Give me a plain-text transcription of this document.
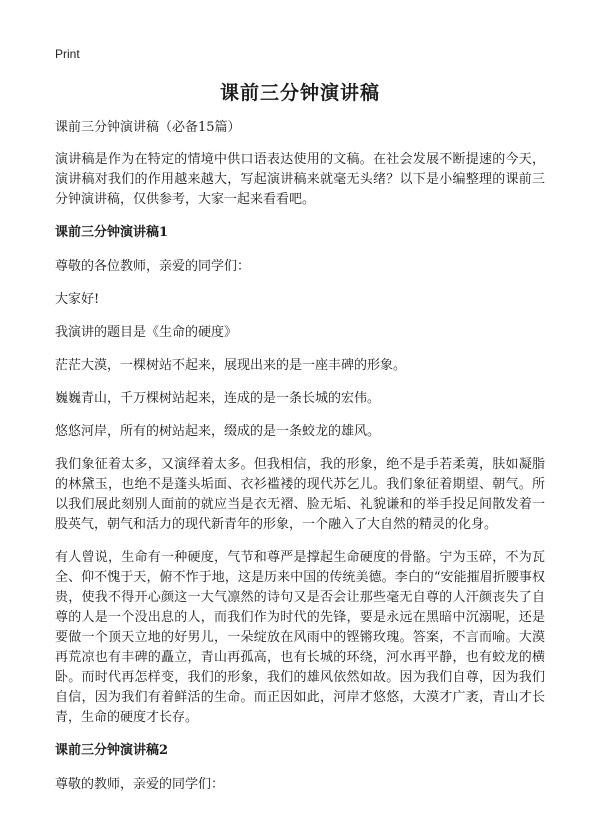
Print
课前三分钟演讲稿

课前三分钟演讲稿（必备15篇）

演讲稿是作为在特定的情境中供口语表达使用的文稿。在社会发展不断提速的今天，演讲稿对我们的作用越来越大，写起演讲稿来就毫无头绪？以下是小编整理的课前三分钟演讲稿，仅供参考，大家一起来看看吧。

课前三分钟演讲稿1

尊敬的各位教师，亲爱的同学们：

大家好!

我演讲的题目是《生命的硬度》

茫茫大漠，一棵树站不起来，展现出来的是一座丰碑的形象。

巍巍青山，千万棵树站起来，连成的是一条长城的宏伟。

悠悠河岸，所有的树站起来，缀成的是一条蛟龙的雄风。

我们象征着太多，又演绎着太多。但我相信，我的形象，绝不是手若柔荑，肤如凝脂的林黛玉，也绝不是蓬头垢面、衣衫褴褛的现代苏乞儿。我们象征着期望、朝气。所以我们展此刻别人面前的就应当是衣无褶、脸无垢、礼貌谦和的举手投足间散发着一股英气，朝气和活力的现代新青年的形象，一个融入了大自然的精灵的化身。

有人曾说，生命有一种硬度，气节和尊严是撑起生命硬度的骨骼。宁为玉碎，不为瓦全、仰不愧于天，俯不怍于地，这是历来中国的传统美德。李白的“安能摧眉折腰事权贵，使我不得开心颜这一大气凛然的诗句又是否会让那些毫无自尊的人汗颜丧失了自尊的人是一个没出息的人，而我们作为时代的先锋，要是永远在黑暗中沉溺呢，还是要做一个顶天立地的好男儿，一朵绽放在风雨中的铿锵玫瑰。答案，不言而喻。大漠再荒凉也有丰碑的矗立，青山再孤高，也有长城的环绕，河水再平静，也有蛟龙的横卧。而时代再怎样变，我们的形象，我们的雄风依然如故。因为我们自尊，因为我们自信，因为我们有着鲜活的生命。而正因如此，河岸才悠悠，大漠才广袤，青山才长青，生命的硬度才长存。

课前三分钟演讲稿2

尊敬的教师，亲爱的同学们：
